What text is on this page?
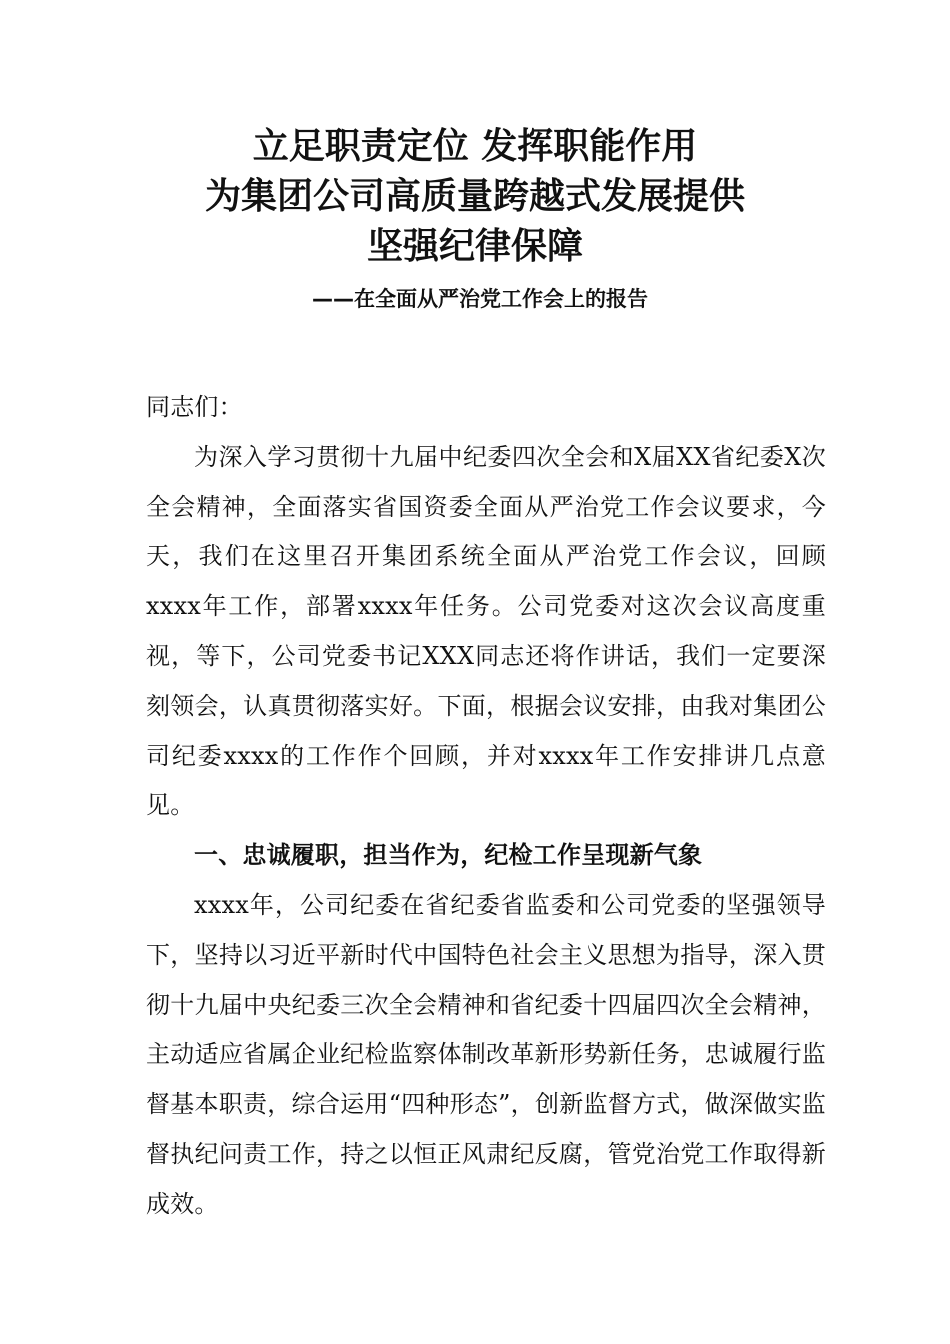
立足职责定位 发挥职能作用
为集团公司高质量跨越式发展提供
坚强纪律保障
——在全面从严治党工作会上的报告

同志们：

为深入学习贯彻十九届中纪委四次全会和X届XX省纪委X次全会精神，全面落实省国资委全面从严治党工作会议要求，今天，我们在这里召开集团系统全面从严治党工作会议，回顾xxxx年工作，部署xxxx年任务。公司党委对这次会议高度重视，等下，公司党委书记XXX同志还将作讲话，我们一定要深刻领会，认真贯彻落实好。下面，根据会议安排，由我对集团公司纪委xxxx的工作作个回顾，并对xxxx年工作安排讲几点意见。

一、忠诚履职，担当作为，纪检工作呈现新气象

xxxx年，公司纪委在省纪委省监委和公司党委的坚强领导下，坚持以习近平新时代中国特色社会主义思想为指导，深入贯彻十九届中央纪委三次全会精神和省纪委十四届四次全会精神，主动适应省属企业纪检监察体制改革新形势新任务，忠诚履行监督基本职责，综合运用“四种形态”，创新监督方式，做深做实监督执纪问责工作，持之以恒正风肃纪反腐，管党治党工作取得新成效。
